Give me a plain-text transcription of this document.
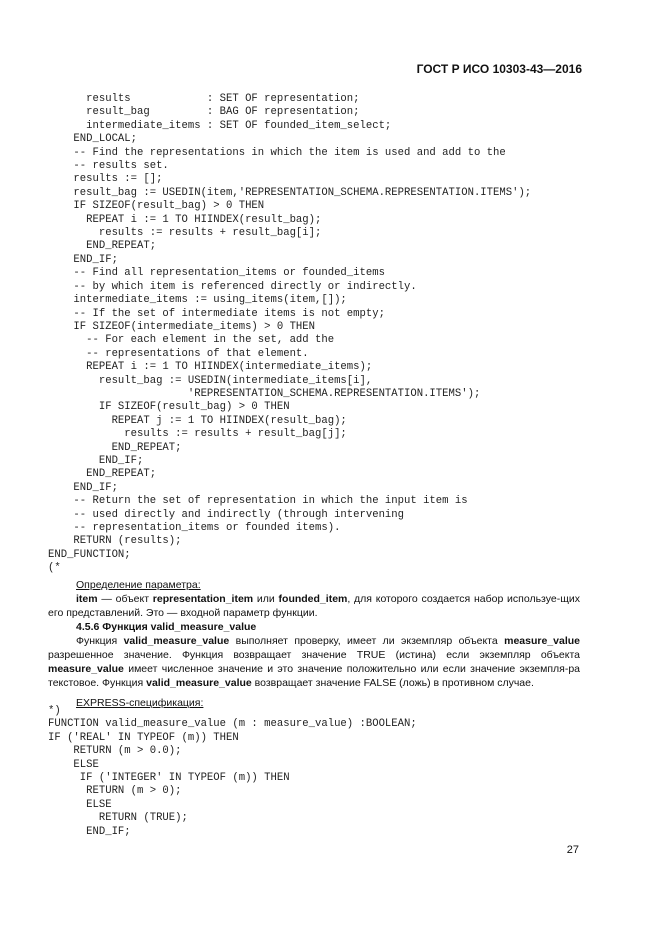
ГОСТ Р ИСО 10303-43—2016
results            : SET OF representation;
result_bag         : BAG OF representation;
intermediate_items : SET OF founded_item_select;
END_LOCAL;
-- Find the representations in which the item is used and add to the
-- results set.
results := [];
result_bag := USEDIN(item,'REPRESENTATION_SCHEMA.REPRESENTATION.ITEMS');
IF SIZEOF(result_bag) > 0 THEN
REPEAT i := 1 TO HIINDEX(result_bag);
results := results + result_bag[i];
END_REPEAT;
END_IF;
-- Find all representation_items or founded_items
-- by which item is referenced directly or indirectly.
intermediate_items := using_items(item,[]);
-- If the set of intermediate items is not empty;
IF SIZEOF(intermediate_items) > 0 THEN
-- For each element in the set, add the
-- representations of that element.
REPEAT i := 1 TO HIINDEX(intermediate_items);
result_bag := USEDIN(intermediate_items[i],
'REPRESENTATION_SCHEMA.REPRESENTATION.ITEMS');
IF SIZEOF(result_bag) > 0 THEN
REPEAT j := 1 TO HIINDEX(result_bag);
results := results + result_bag[j];
END_REPEAT;
END_IF;
END_REPEAT;
END_IF;
-- Return the set of representation in which the input item is
-- used directly and indirectly (through intervening
-- representation_items or founded items).
RETURN (results);
END_FUNCTION;
(*

Определение параметра:

item — объект representation_item или founded_item, для которого создается набор используе-щих его представлений. Это — входной параметр функции.

4.5.6 Функция valid_measure_value

Функция valid_measure_value выполняет проверку, имеет ли экземпляр объекта measure_value разрешенное значение. Функция возвращает значение TRUE (истина) если экземпляр объекта measure_value имеет численное значение и это значение положительно или если значение экземпля-ра текстовое. Функция valid_measure_value возвращает значение FALSE (ложь) в противном случае.

EXPRESS-спецификация:

*)
FUNCTION valid_measure_value (m : measure_value) :BOOLEAN;
IF ('REAL' IN TYPEOF (m)) THEN
RETURN (m > 0.0);
ELSE
IF ('INTEGER' IN TYPEOF (m)) THEN
RETURN (m > 0);
ELSE
RETURN (TRUE);
END_IF;
27
